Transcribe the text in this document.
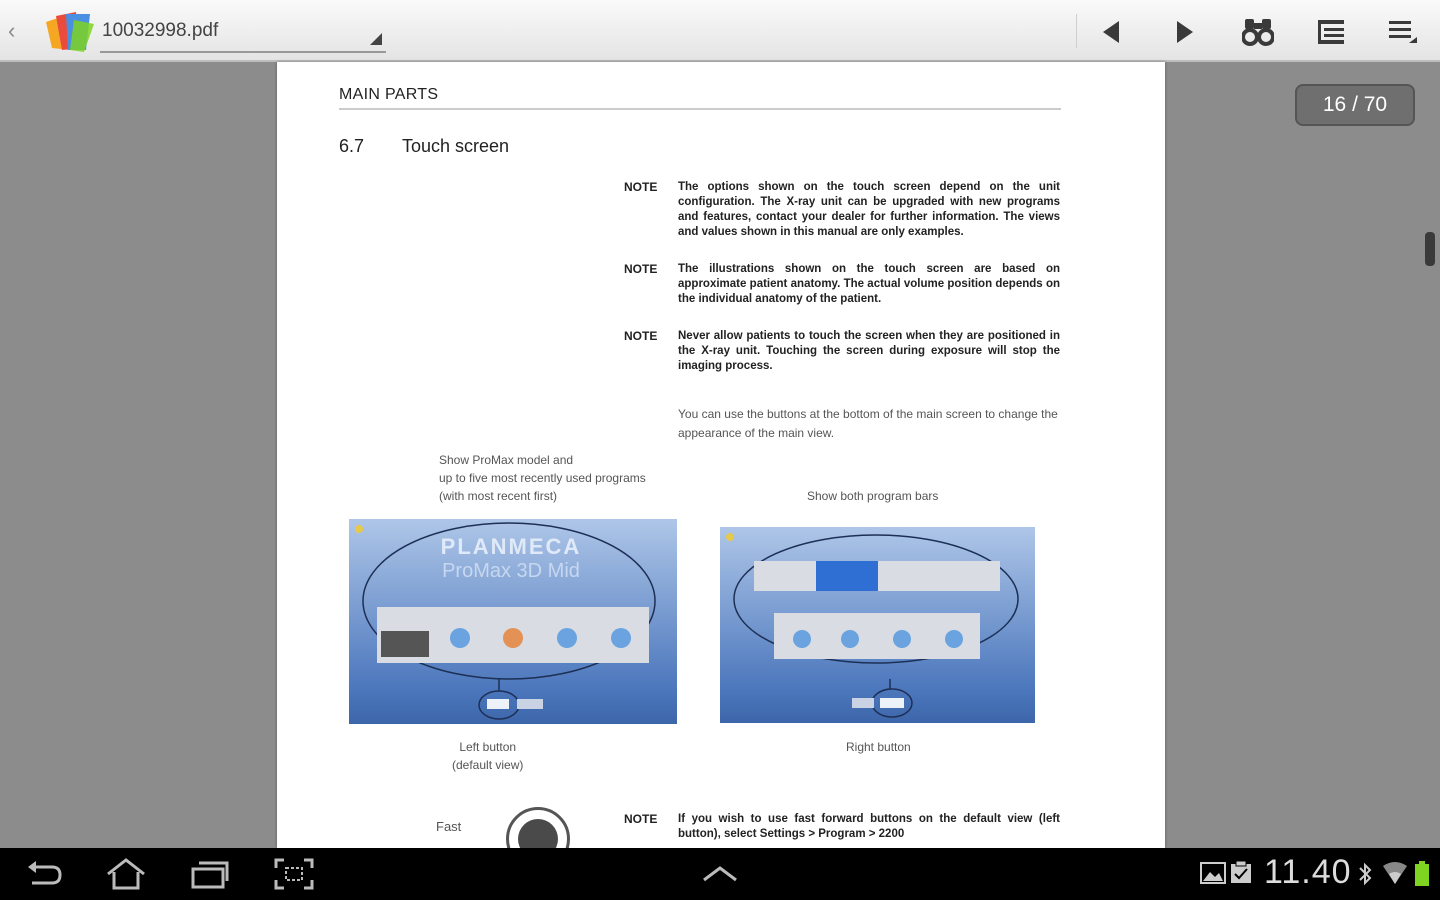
‹	10032998.pdf
MAIN PARTS
6.7 Touch screen
NOTE The options shown on the touch screen depend on the unit configuration. The X-ray unit can be upgraded with new programs and features, contact your dealer for further information. The views and values shown in this manual are only examples.
NOTE The illustrations shown on the touch screen are based on approximate patient anatomy. The actual volume position depends on the individual anatomy of the patient.
NOTE Never allow patients to touch the screen when they are positioned in the X-ray unit. Touching the screen during exposure will stop the imaging process.
You can use the buttons at the bottom of the main screen to change the appearance of the main view.
Show ProMax model and
up to five most recently used programs
(with most recent first)	Show both program bars
PLANMECA
ProMax 3D Mid
Left button
(default view)
Right button
Fast	NOTE If you wish to use fast forward buttons on the default view (left button), select Settings > Program > 2200
16 / 70
11.40
